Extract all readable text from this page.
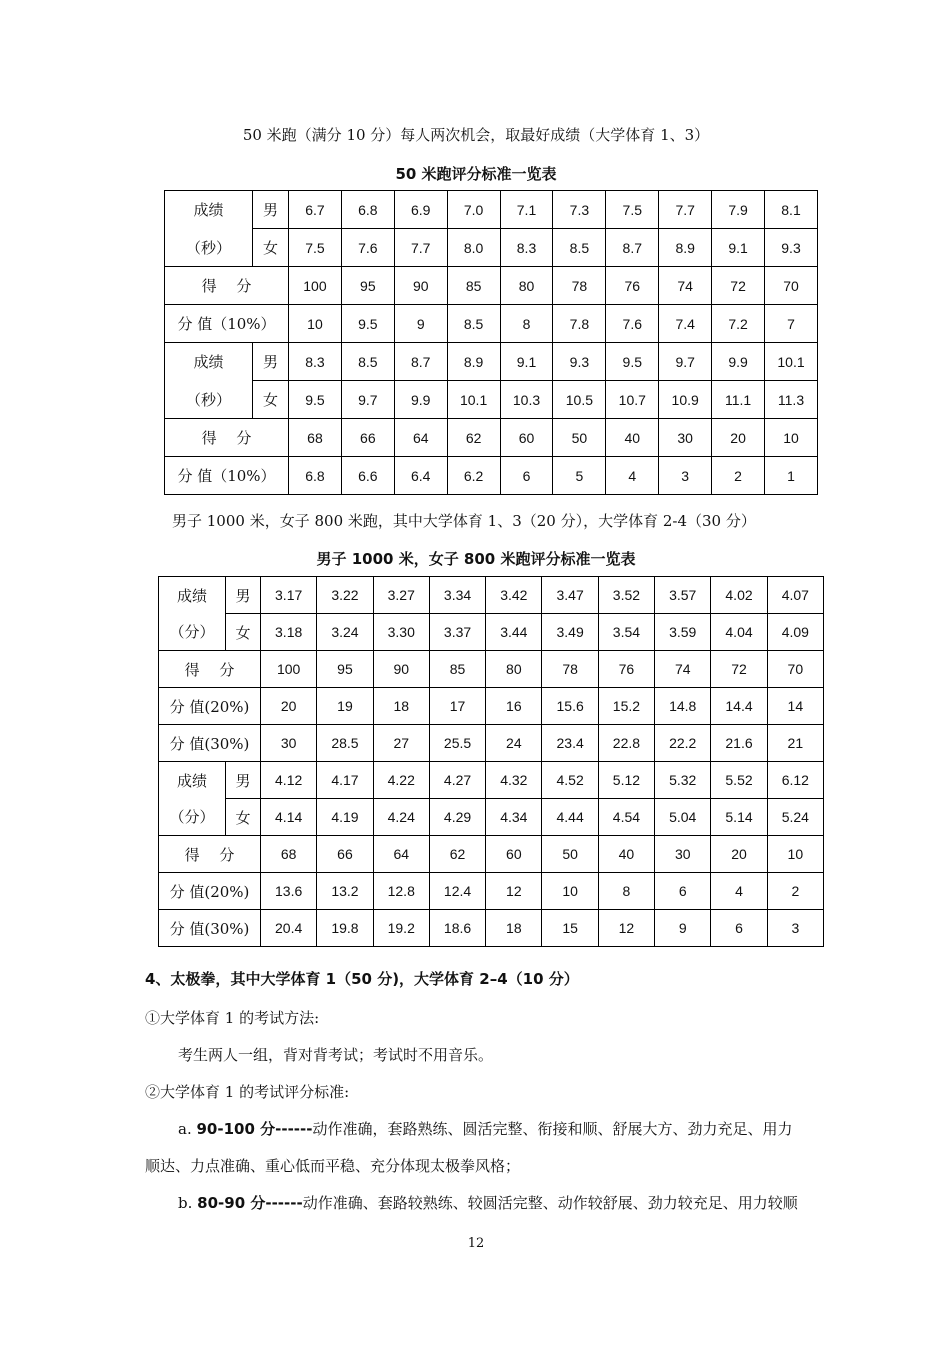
50 米跑（满分 10 分）每人两次机会，取最好成绩（大学体育 1、3）
50 米跑评分标准一览表
成绩	男	6.7	6.8	6.9	7.0	7.1	7.3	7.5	7.7	7.9	8.1
（秒）	女	7.5	7.6	7.7	8.0	8.3	8.5	8.7	8.9	9.1	9.3
得　 分		100	95	90	85	80	78	76	74	72	70
分 值（10%）		10	9.5	9	8.5	8	7.8	7.6	7.4	7.2	7
成绩	男	8.3	8.5	8.7	8.9	9.1	9.3	9.5	9.7	9.9	10.1
（秒）	女	9.5	9.7	9.9	10.1	10.3	10.5	10.7	10.9	11.1	11.3
得　 分		68	66	64	62	60	50	40	30	20	10
分 值（10%）		6.8	6.6	6.4	6.2	6	5	4	3	2	1
男子 1000 米，女子 800 米跑，其中大学体育 1、3（20 分），大学体育 2-4（30 分）
男子 1000 米，女子 800 米跑评分标准一览表
成绩	男	3.17	3.22	3.27	3.34	3.42	3.47	3.52	3.57	4.02	4.07
（分）	女	3.18	3.24	3.30	3.37	3.44	3.49	3.54	3.59	4.04	4.09
得　 分		100	95	90	85	80	78	76	74	72	70
分 值(20%)		20	19	18	17	16	15.6	15.2	14.8	14.4	14
分 值(30%)		30	28.5	27	25.5	24	23.4	22.8	22.2	21.6	21
成绩	男	4.12	4.17	4.22	4.27	4.32	4.52	5.12	5.32	5.52	6.12
（分）	女	4.14	4.19	4.24	4.29	4.34	4.44	4.54	5.04	5.14	5.24
得　 分		68	66	64	62	60	50	40	30	20	10
分 值(20%)		13.6	13.2	12.8	12.4	12	10	8	6	4	2
分 值(30%)		20.4	19.8	19.2	18.6	18	15	12	9	6	3
4、太极拳，其中大学体育 1（50 分)，大学体育 2–4（10 分）
①大学体育 1 的考试方法:
考生两人一组，背对背考试；考试时不用音乐。
②大学体育 1 的考试评分标准:
a. 90-100 分------动作准确，套路熟练、圆活完整、衔接和顺、舒展大方、劲力充足、用力
顺达、力点准确、重心低而平稳、充分体现太极拳风格；
b. 80-90 分------动作准确、套路较熟练、较圆活完整、动作较舒展、劲力较充足、用力较顺
12
